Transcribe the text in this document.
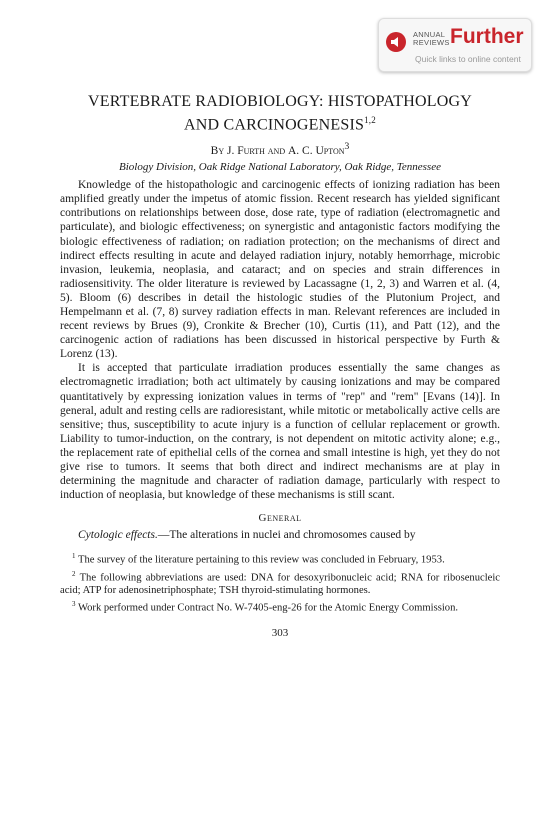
ANNUAL
REVIEWS Further
Quick links to online content
VERTEBRATE RADIOBIOLOGY: HISTOPATHOLOGY
AND CARCINOGENESIS$^{1,2}$
By J. Furth and A. C. Upton$^3$
Biology Division, Oak Ridge National Laboratory, Oak Ridge, Tennessee

Knowledge of the histopathologic and carcinogenic effects of ionizing radiation has been amplified greatly under the impetus of atomic fission. Recent research has yielded significant contributions on relationships between dose, dose rate, type of radiation (electromagnetic and particulate), and biologic effectiveness; on synergistic and antagonistic factors modifying the biologic effectiveness of radiation; on radiation protection; on the mechanisms of direct and indirect effects resulting in acute and delayed radiation injury, notably hemorrhage, microbic invasion, leukemia, neoplasia, and cataract; and on species and strain differences in radiosensitivity. The older literature is reviewed by Lacassagne (1, 2, 3) and Warren et al. (4, 5). Bloom (6) describes in detail the histologic studies of the Plutonium Project, and Hempelmann et al. (7, 8) survey radiation effects in man. Relevant references are included in recent reviews by Brues (9), Cronkite & Brecher (10), Curtis (11), and Patt (12), and the carcinogenic action of radiations has been discussed in historical perspective by Furth & Lorenz (13).

It is accepted that particulate irradiation produces essentially the same changes as electromagnetic irradiation; both act ultimately by causing ionizations and may be compared quantitatively by expressing ionization values in terms of "rep" and "rem" [Evans (14)]. In general, adult and resting cells are radioresistant, while mitotic or metabolically active cells are sensitive; thus, susceptibility to acute injury is a function of cellular replacement or growth. Liability to tumor-induction, on the contrary, is not dependent on mitotic activity alone; e.g., the replacement rate of epithelial cells of the cornea and small intestine is high, yet they do not give rise to tumors. It seems that both direct and indirect mechanisms are at play in determining the magnitude and character of radiation damage, particularly with respect to induction of neoplasia, but knowledge of these mechanisms is still scant.

General

Cytologic effects.—The alterations in nuclei and chromosomes caused by

$^1$ The survey of the literature pertaining to this review was concluded in February, 1953.

$^2$ The following abbreviations are used: DNA for desoxyribonucleic acid; RNA for ribosenucleic acid; ATP for adenosinetriphosphate; TSH thyroid-stimulating hormones.

$^3$ Work performed under Contract No. W-7405-eng-26 for the Atomic Energy Commission.

303
